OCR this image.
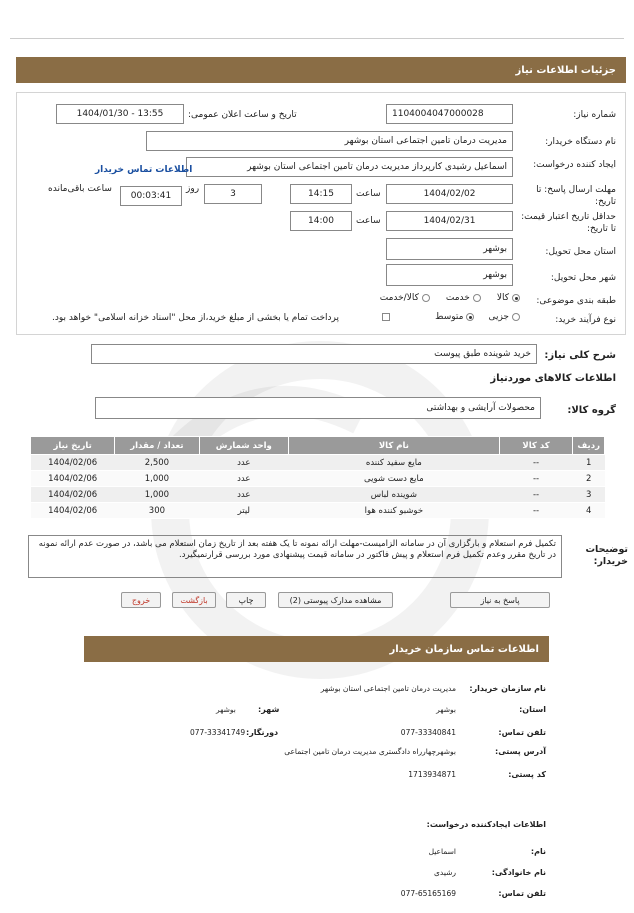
جزئیات اطلاعات نیاز
شماره نیاز:
1104004047000028
تاریخ و ساعت اعلان عمومی:
1404/01/30 - 13:55
نام دستگاه خریدار:
مدیریت درمان تامین اجتماعی استان بوشهر
ایجاد کننده درخواست:
اسماعیل رشیدی کارپرداز مدیریت درمان تامین اجتماعی استان بوشهر
اطلاعات تماس خریدار
مهلت ارسال پاسخ: تا تاریخ:
1404/02/02
ساعت
14:15
3
روز
00:03:41
ساعت باقی‌مانده
حداقل تاریخ اعتبار قیمت: تا تاریخ:
1404/02/31
ساعت
14:00
استان محل تحویل:
بوشهر
شهر محل تحویل:
بوشهر
طبقه بندی موضوعی:
کالا
خدمت
کالا/خدمت
نوع فرآیند خرید:
جزیی
متوسط
پرداخت تمام یا بخشی از مبلغ خرید،از محل "اسناد خزانه اسلامی" خواهد بود.
شرح کلی نیاز:
خرید شوینده طبق پیوست
اطلاعات کالاهای موردنیاز
گروه کالا:
محصولات آرایشی و بهداشتی
ردیف	کد کالا	نام کالا	واحد شمارش	تعداد / مقدار	تاریخ نیاز
1	--	مایع سفید کننده	عدد	2,500	1404/02/06
2	--	مایع دست شویی	عدد	1,000	1404/02/06
3	--	شوینده لباس	عدد	1,000	1404/02/06
4	--	خوشبو کننده هوا	لیتر	300	1404/02/06
توضیحات خریدار:
تکمیل فرم استعلام و بارگزاری آن در سامانه الزامیست-مهلت ارائه نمونه تا یک هفته بعد از تاریخ زمان استعلام می باشد، در صورت عدم ارائه نمونه در تاریخ مقرر وعدم تکمیل فرم استعلام و پیش فاکتور در سامانه قیمت پیشنهادی مورد بررسی قرارنمیگیرد.
پاسخ به نیاز
مشاهده مدارک پیوستی (2)
چاپ
بازگشت
خروج
اطلاعات تماس سازمان خریدار
نام سازمان خریدار:
مدیریت درمان تامین اجتماعی استان بوشهر
استان:
بوشهر
شهر:
بوشهر
تلفن تماس:
077-33340841
دورنگار:
077-33341749
آدرس پستی:
بوشهرچهارراه دادگستری مدیریت درمان تامین اجتماعی
کد پستی:
1713934871
اطلاعات ایجادکننده درخواست:
نام:
اسماعیل
نام خانوادگی:
رشیدی
تلفن تماس:
077-65165169
